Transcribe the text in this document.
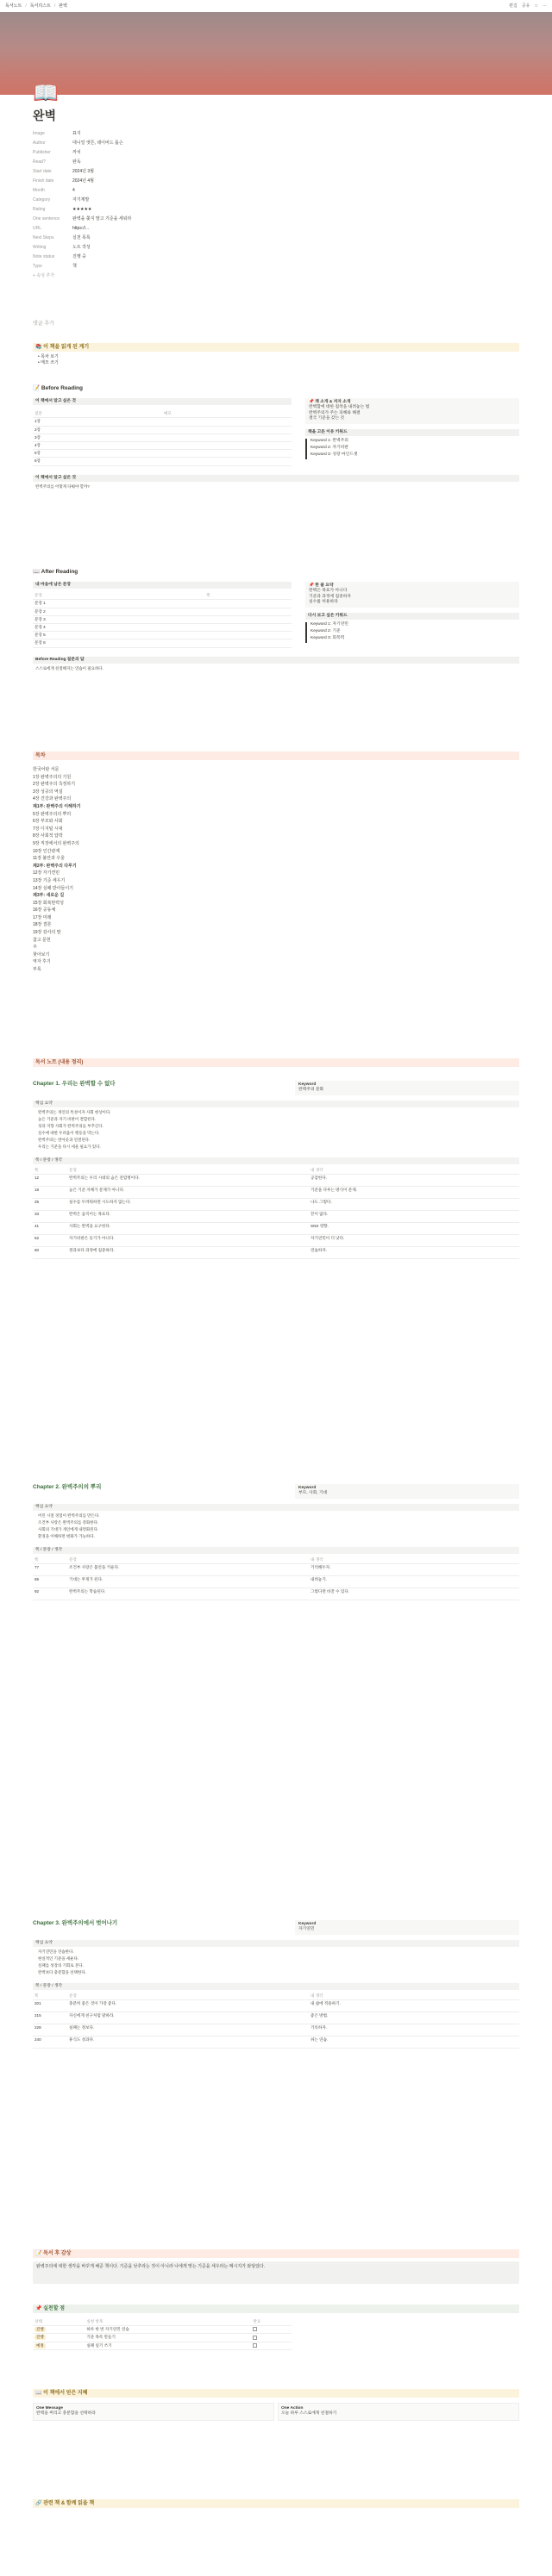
독서노트 / 독서리스트 / 완벽	편집 공유 ☆ ⋯
📖
완벽
Image	표지
Author	대니얼 앳튼, 데이비드 롭슨
Publisher	까치
Read?	완독
Start date	2024년 3월
Finish date	2024년 4월
Month	4
Category	자기계발
Rating	★★★★★
One sentence	완벽을 쫓지 말고 기준을 세워라
URL	https://...
Next Steps	실천 목록
Writing	노트 작성
Note status	진행 중
Type	책
+ 속성 추가
댓글 추가
📚 이 책을 읽게 된 계기
• 목차 보기
• 메모 쓰기
📝 Before Reading
이 책에서 알고 싶은 것
질문	메모
1장	
2장	
3장	
4장	
5장	
6장	
📌 책 소개 & 저자 소개
완벽함에 대한 집착을 내려놓는 법
완벽주의가 주는 피해와 해결
결국 기준을 갖는 것
책을 고른 이유 키워드
Keyword 1: 완벽주의
Keyword 2: 자기비판
Keyword 3: 성장 마인드셋
이 책에서 알고 싶은 것
완벽주의를 어떻게 다뤄야 할까?
📖 After Reading
내 마음에 남은 문장
문장	쪽
문장 1	
문장 2	
문장 3	
문장 4	
문장 5	
문장 6	
📌 한 줄 요약
완벽은 목표가 아니다
기준과 과정에 집중하자
실수를 허용하라
다시 보고 싶은 키워드
Keyword 1: 자기연민
Keyword 2: 기준
Keyword 3: 회복력
Before Reading 질문의 답
스스로에게 친절해지는 연습이 필요하다.
목차
한국어판 서문
1장 완벽주의의 기원
2장 완벽주의 측정하기
3장 성공의 역설
4장 건강과 완벽주의
제1부: 완벽주의 이해하기
5장 완벽주의의 뿌리
6장 부모와 사회
7장 디지털 시대
8장 사회적 압박
9장 직장에서의 완벽주의
10장 인간관계
11장 불안과 우울
제2부: 완벽주의 다루기
12장 자기연민
13장 기준 세우기
14장 실패 받아들이기
제3부: 새로운 길
15장 회복탄력성
16장 공동체
17장 미래
18장 결론
19장 감사의 말
참고 문헌
주
찾아보기
역자 후기
부록
독서 노트 (내용 정리)
Chapter 1. 우리는 완벽할 수 없다	Keyword
완벽주의 문화
핵심 요약
완벽주의는 개인의 특성이자 사회 현상이다.
높은 기준과 자기 비판이 결합된다.
성과 지향 사회가 완벽주의를 부추긴다.
실수에 대한 두려움이 행동을 막는다.
완벽주의는 번아웃과 연결된다.
우리는 기준을 다시 세울 필요가 있다.
쪽 / 문장 / 생각
쪽	문장	내 생각
12	완벽주의는 우리 시대의 숨은 전염병이다.	공감한다.
18	높은 기준 자체가 문제가 아니다.	기준을 다루는 방식이 문제.
25	실수를 두려워하면 시도하지 않는다.	나도 그렇다.
33	완벽은 움직이는 목표다.	끝이 없다.
41	사회는 완벽을 요구한다.	SNS 영향.
52	자기비판은 동기가 아니다.	자기연민이 더 낫다.
60	결과보다 과정에 집중하라.	연습하자.
Chapter 2. 완벽주의의 뿌리	Keyword
부모, 사회, 기대
핵심 요약
어린 시절 경험이 완벽주의를 만든다.
조건부 사랑은 완벽주의를 강화한다.
사회의 기대가 개인에게 내면화된다.
환경을 이해하면 변화가 가능하다.
쪽 / 문장 / 생각
쪽	문장	내 생각
77	조건부 사랑은 불안을 키운다.	기억해두자.
85	기대는 무게가 된다.	내려놓기.
92	완벽주의는 학습된다.	그렇다면 바꿀 수 있다.
Chapter 3. 완벽주의에서 벗어나기	Keyword
자기연민
핵심 요약
자기연민을 연습한다.
현실적인 기준을 세운다.
실패를 성장의 기회로 본다.
완벽보다 충분함을 선택한다.
쪽 / 문장 / 생각
쪽	문장	내 생각
201	충분히 좋은 것이 가장 좋다.	내 삶에 적용하기.
215	자신에게 친구처럼 말하라.	좋은 방법.
228	실패는 정보다.	기록하자.
240	휴식도 성과다.	쉬는 연습.
📝 독서 후 감상
완벽주의에 대한 생각을 바꾸게 해준 책이다. 기준을 낮추라는 것이 아니라 나에게 맞는 기준을 세우라는 메시지가 와닿았다.
📌 실천할 점
상태	실천 항목	완료
진행	하루 한 번 자기연민 연습	
진행	기준 목록 만들기	
예정	실패 일기 쓰기	
📖 이 책에서 얻은 지혜
One Message
완벽을 버리고 충분함을 선택하라
One Action
오늘 하루 스스로에게 친절하기
🔗 관련 책 & 함께 읽을 책
